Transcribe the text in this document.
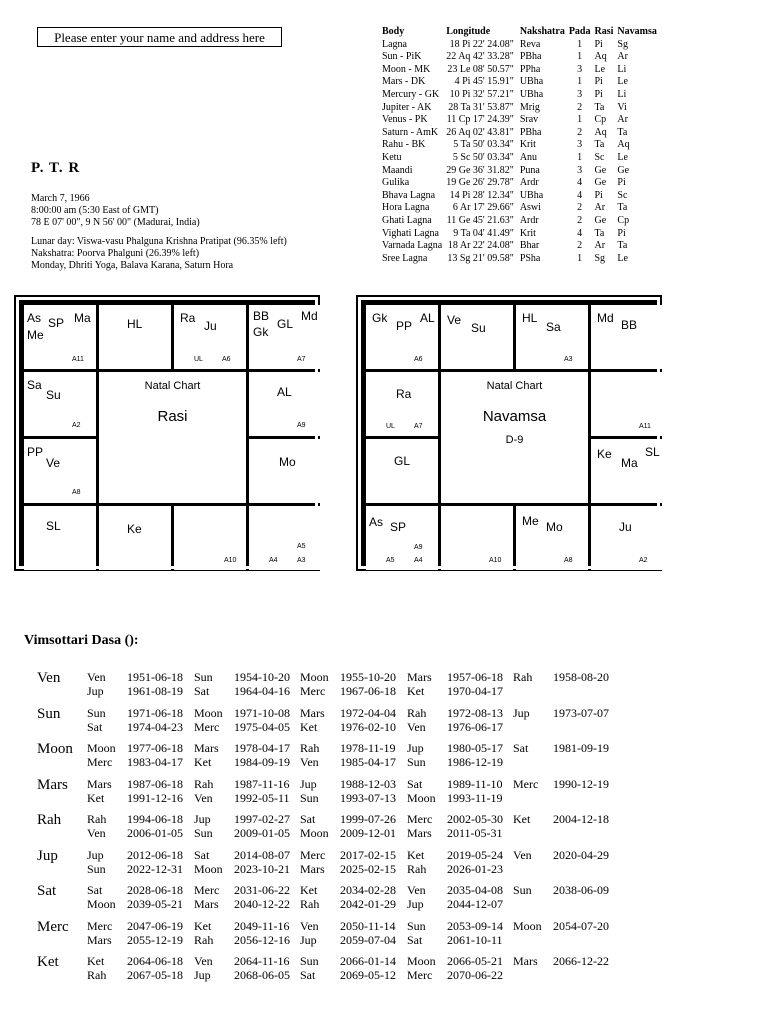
Please enter your name and address here
P. T. R
March 7, 1966
8:00:00 am (5:30 East of GMT)
78 E 07' 00", 9 N 56' 00" (Madurai, India)
Lunar day: Viswa-vasu Phalguna Krishna Pratipat (96.35% left)
Nakshatra: Poorva Phalguni (26.39% left)
Monday, Dhriti Yoga, Balava Karana, Saturn Hora
Body	Longitude	Nakshatra	Pada	Rasi	Navamsa
Lagna	18 Pi 22' 24.08"	Reva	1	Pi	Sg
Sun - PiK	22 Aq 42' 33.28"	PBha	1	Aq	Ar
Moon - MK	23 Le 08' 50.57"	PPha	3	Le	Li
Mars - DK	4 Pi 45' 15.91"	UBha	1	Pi	Le
Mercury - GK	10 Pi 32' 57.21"	UBha	3	Pi	Li
Jupiter - AK	28 Ta 31' 53.87"	Mrig	2	Ta	Vi
Venus - PK	11 Cp 17' 24.39"	Srav	1	Cp	Ar
Saturn - AmK	26 Aq 02' 43.81"	PBha	2	Aq	Ta
Rahu - BK	5 Ta 50' 03.34"	Krit	3	Ta	Aq
Ketu	5 Sc 50' 03.34"	Anu	1	Sc	Le
Maandi	29 Ge 36' 31.82"	Puna	3	Ge	Ge
Gulika	19 Ge 26' 29.78"	Ardr	4	Ge	Pi
Bhava Lagna	14 Pi 28' 12.34"	UBha	4	Pi	Sc
Hora Lagna	6 Ar 17' 29.66"	Aswi	2	Ar	Ta
Ghati Lagna	11 Ge 45' 21.63"	Ardr	2	Ge	Cp
Vighati Lagna	9 Ta 04' 41.49"	Krit	4	Ta	Pi
Varnada Lagna	18 Ar 22' 24.08"	Bhar	2	Ar	Ta
Sree Lagna	13 Sg 21' 09.58"	PSha	1	Sg	Le
As SP Ma
Me
A11
HL	Ra
Ju
UL	A6
BB
GL
Md
Gk
A7
Sa
Su
A2
AL
A9
PP
Ve
A8
Mo
SL	Ke
A10
A5
A4	A3
Natal Chart
Rasi
Gk
PP
AL
A6
Ve
Su
HL
Sa
A3
Md BB
Ra
UL	A7	A11
GL	Ke
Ma
SL
As SP
A9
A5	A4	A10
Me Mo
A8
Ju
A2
Natal Chart
Navamsa
D-9
Vimsottari Dasa ():
Ven Ven 1951-06-18 Sun 1954-10-20 Moon 1955-10-20 Mars 1957-06-18 Rah 1958-08-20
Jup 1961-08-19 Sat 1964-04-16 Merc 1967-06-18 Ket 1970-04-17
Sun Sun 1971-06-18 Moon 1971-10-08 Mars 1972-04-04 Rah 1972-08-13 Jup 1973-07-07
Sat 1974-04-23 Merc 1975-04-05 Ket 1976-02-10 Ven 1976-06-17
Moon Moon 1977-06-18 Mars 1978-04-17 Rah 1978-11-19 Jup 1980-05-17 Sat 1981-09-19
Merc 1983-04-17 Ket 1984-09-19 Ven 1985-04-17 Sun 1986-12-19
Mars Mars 1987-06-18 Rah 1987-11-16 Jup 1988-12-03 Sat 1989-11-10 Merc 1990-12-19
Ket 1991-12-16 Ven 1992-05-11 Sun 1993-07-13 Moon 1993-11-19
Rah Rah 1994-06-18 Jup 1997-02-27 Sat 1999-07-26 Merc 2002-05-30 Ket 2004-12-18
Ven 2006-01-05 Sun 2009-01-05 Moon 2009-12-01 Mars 2011-05-31
Jup Jup 2012-06-18 Sat 2014-08-07 Merc 2017-02-15 Ket 2019-05-24 Ven 2020-04-29
Sun 2022-12-31 Moon 2023-10-21 Mars 2025-02-15 Rah 2026-01-23
Sat	Sat 2028-06-18 Merc 2031-06-22 Ket 2034-02-28 Ven 2035-04-08 Sun 2038-06-09
Moon 2039-05-21 Mars 2040-12-22 Rah 2042-01-29 Jup 2044-12-07
Merc Merc 2047-06-19 Ket 2049-11-16 Ven 2050-11-14 Sun 2053-09-14 Moon 2054-07-20
Mars 2055-12-19 Rah 2056-12-16 Jup 2059-07-04 Sat 2061-10-11
Ket Ket 2064-06-18 Ven 2064-11-16 Sun 2066-01-14 Moon 2066-05-21 Mars 2066-12-22
Rah 2067-05-18 Jup 2068-06-05 Sat 2069-05-12 Merc 2070-06-22
